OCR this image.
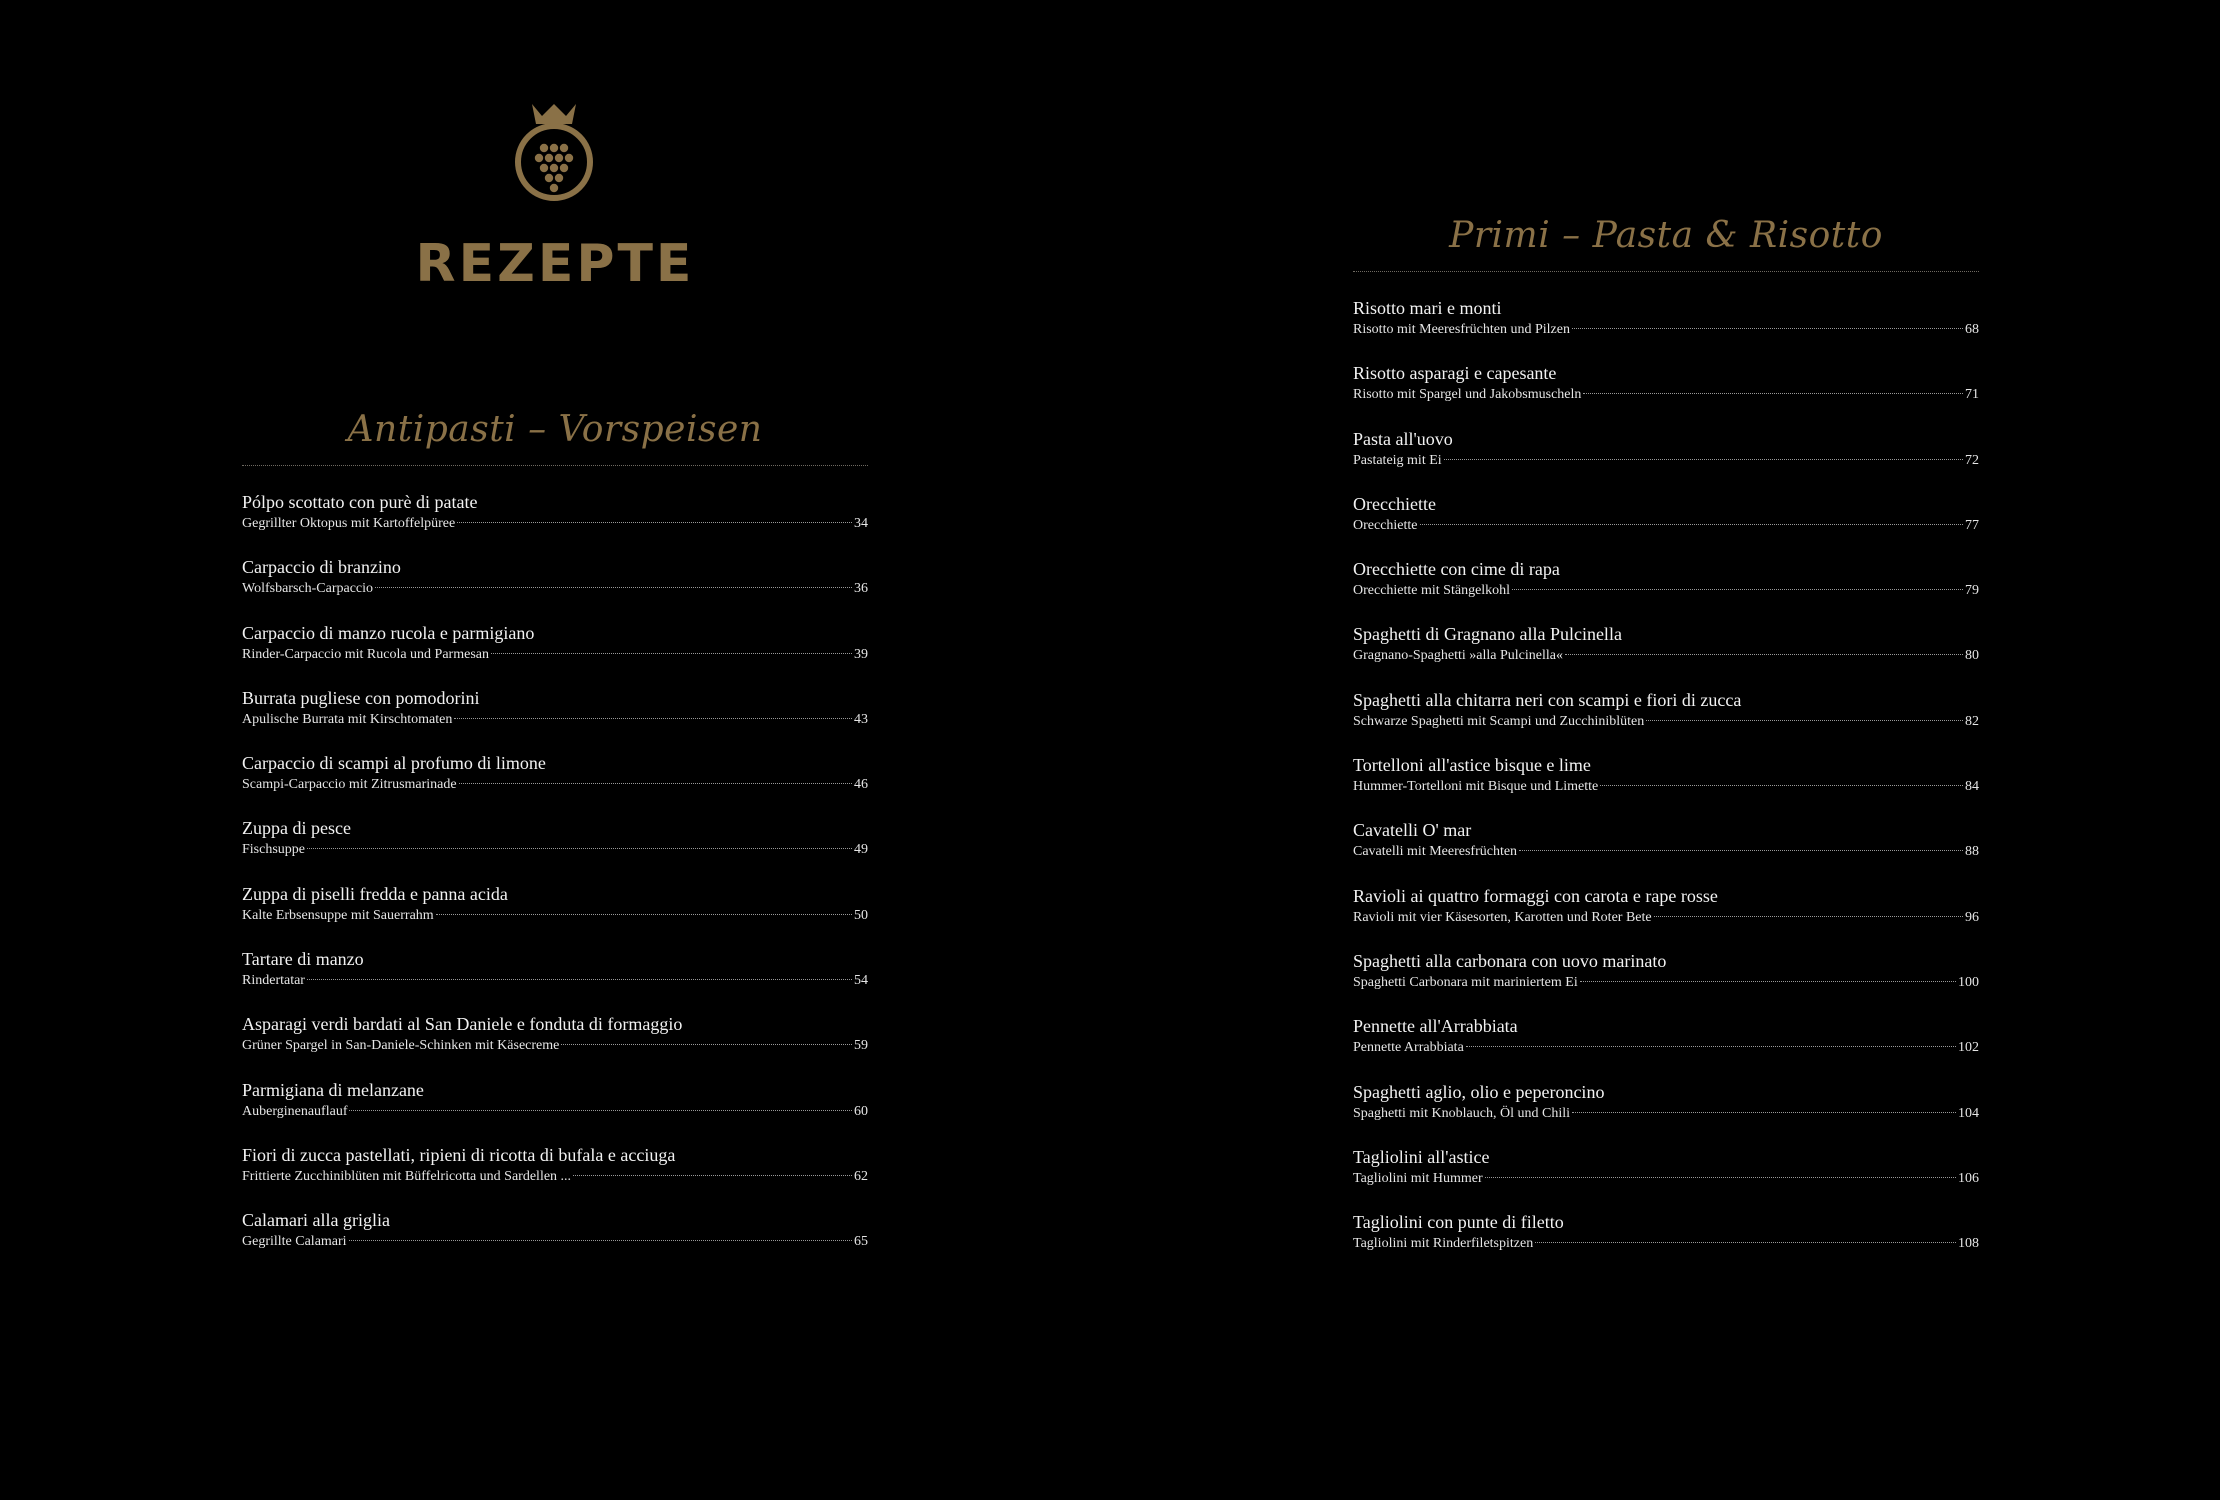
REZEPTE
Antipasti – Vorspeisen
Pólpo scottato con purè di patate
Gegrillter Oktopus mit Kartoffelpüree	34
Carpaccio di branzino
Wolfsbarsch-Carpaccio	36
Carpaccio di manzo rucola e parmigiano
Rinder-Carpaccio mit Rucola und Parmesan	39
Burrata pugliese con pomodorini
Apulische Burrata mit Kirschtomaten	43
Carpaccio di scampi al profumo di limone
Scampi-Carpaccio mit Zitrusmarinade	46
Zuppa di pesce
Fischsuppe	49
Zuppa di piselli fredda e panna acida
Kalte Erbsensuppe mit Sauerrahm	50
Tartare di manzo
Rindertatar	54
Asparagi verdi bardati al San Daniele e fonduta di formaggio
Grüner Spargel in San-Daniele-Schinken mit Käsecreme	59
Parmigiana di melanzane
Auberginenauflauf	60
Fiori di zucca pastellati, ripieni di ricotta di bufala e acciuga
Frittierte Zucchiniblüten mit Büffelricotta und Sardellen ...	62
Calamari alla griglia
Gegrillte Calamari	65
Primi – Pasta & Risotto
Risotto mari e monti
Risotto mit Meeresfrüchten und Pilzen	68
Risotto asparagi e capesante
Risotto mit Spargel und Jakobsmuscheln	71
Pasta all'uovo
Pastateig mit Ei	72
Orecchiette
Orecchiette	77
Orecchiette con cime di rapa
Orecchiette mit Stängelkohl	79
Spaghetti di Gragnano alla Pulcinella
Gragnano-Spaghetti »alla Pulcinella«	80
Spaghetti alla chitarra neri con scampi e fiori di zucca
Schwarze Spaghetti mit Scampi und Zucchiniblüten	82
Tortelloni all'astice bisque e lime
Hummer-Tortelloni mit Bisque und Limette	84
Cavatelli O' mar
Cavatelli mit Meeresfrüchten	88
Ravioli ai quattro formaggi con carota e rape rosse
Ravioli mit vier Käsesorten, Karotten und Roter Bete	96
Spaghetti alla carbonara con uovo marinato
Spaghetti Carbonara mit mariniertem Ei	100
Pennette all'Arrabbiata
Pennette Arrabbiata	102
Spaghetti aglio, olio e peperoncino
Spaghetti mit Knoblauch, Öl und Chili	104
Tagliolini all'astice
Tagliolini mit Hummer	106
Tagliolini con punte di filetto
Tagliolini mit Rinderfiletspitzen	108
